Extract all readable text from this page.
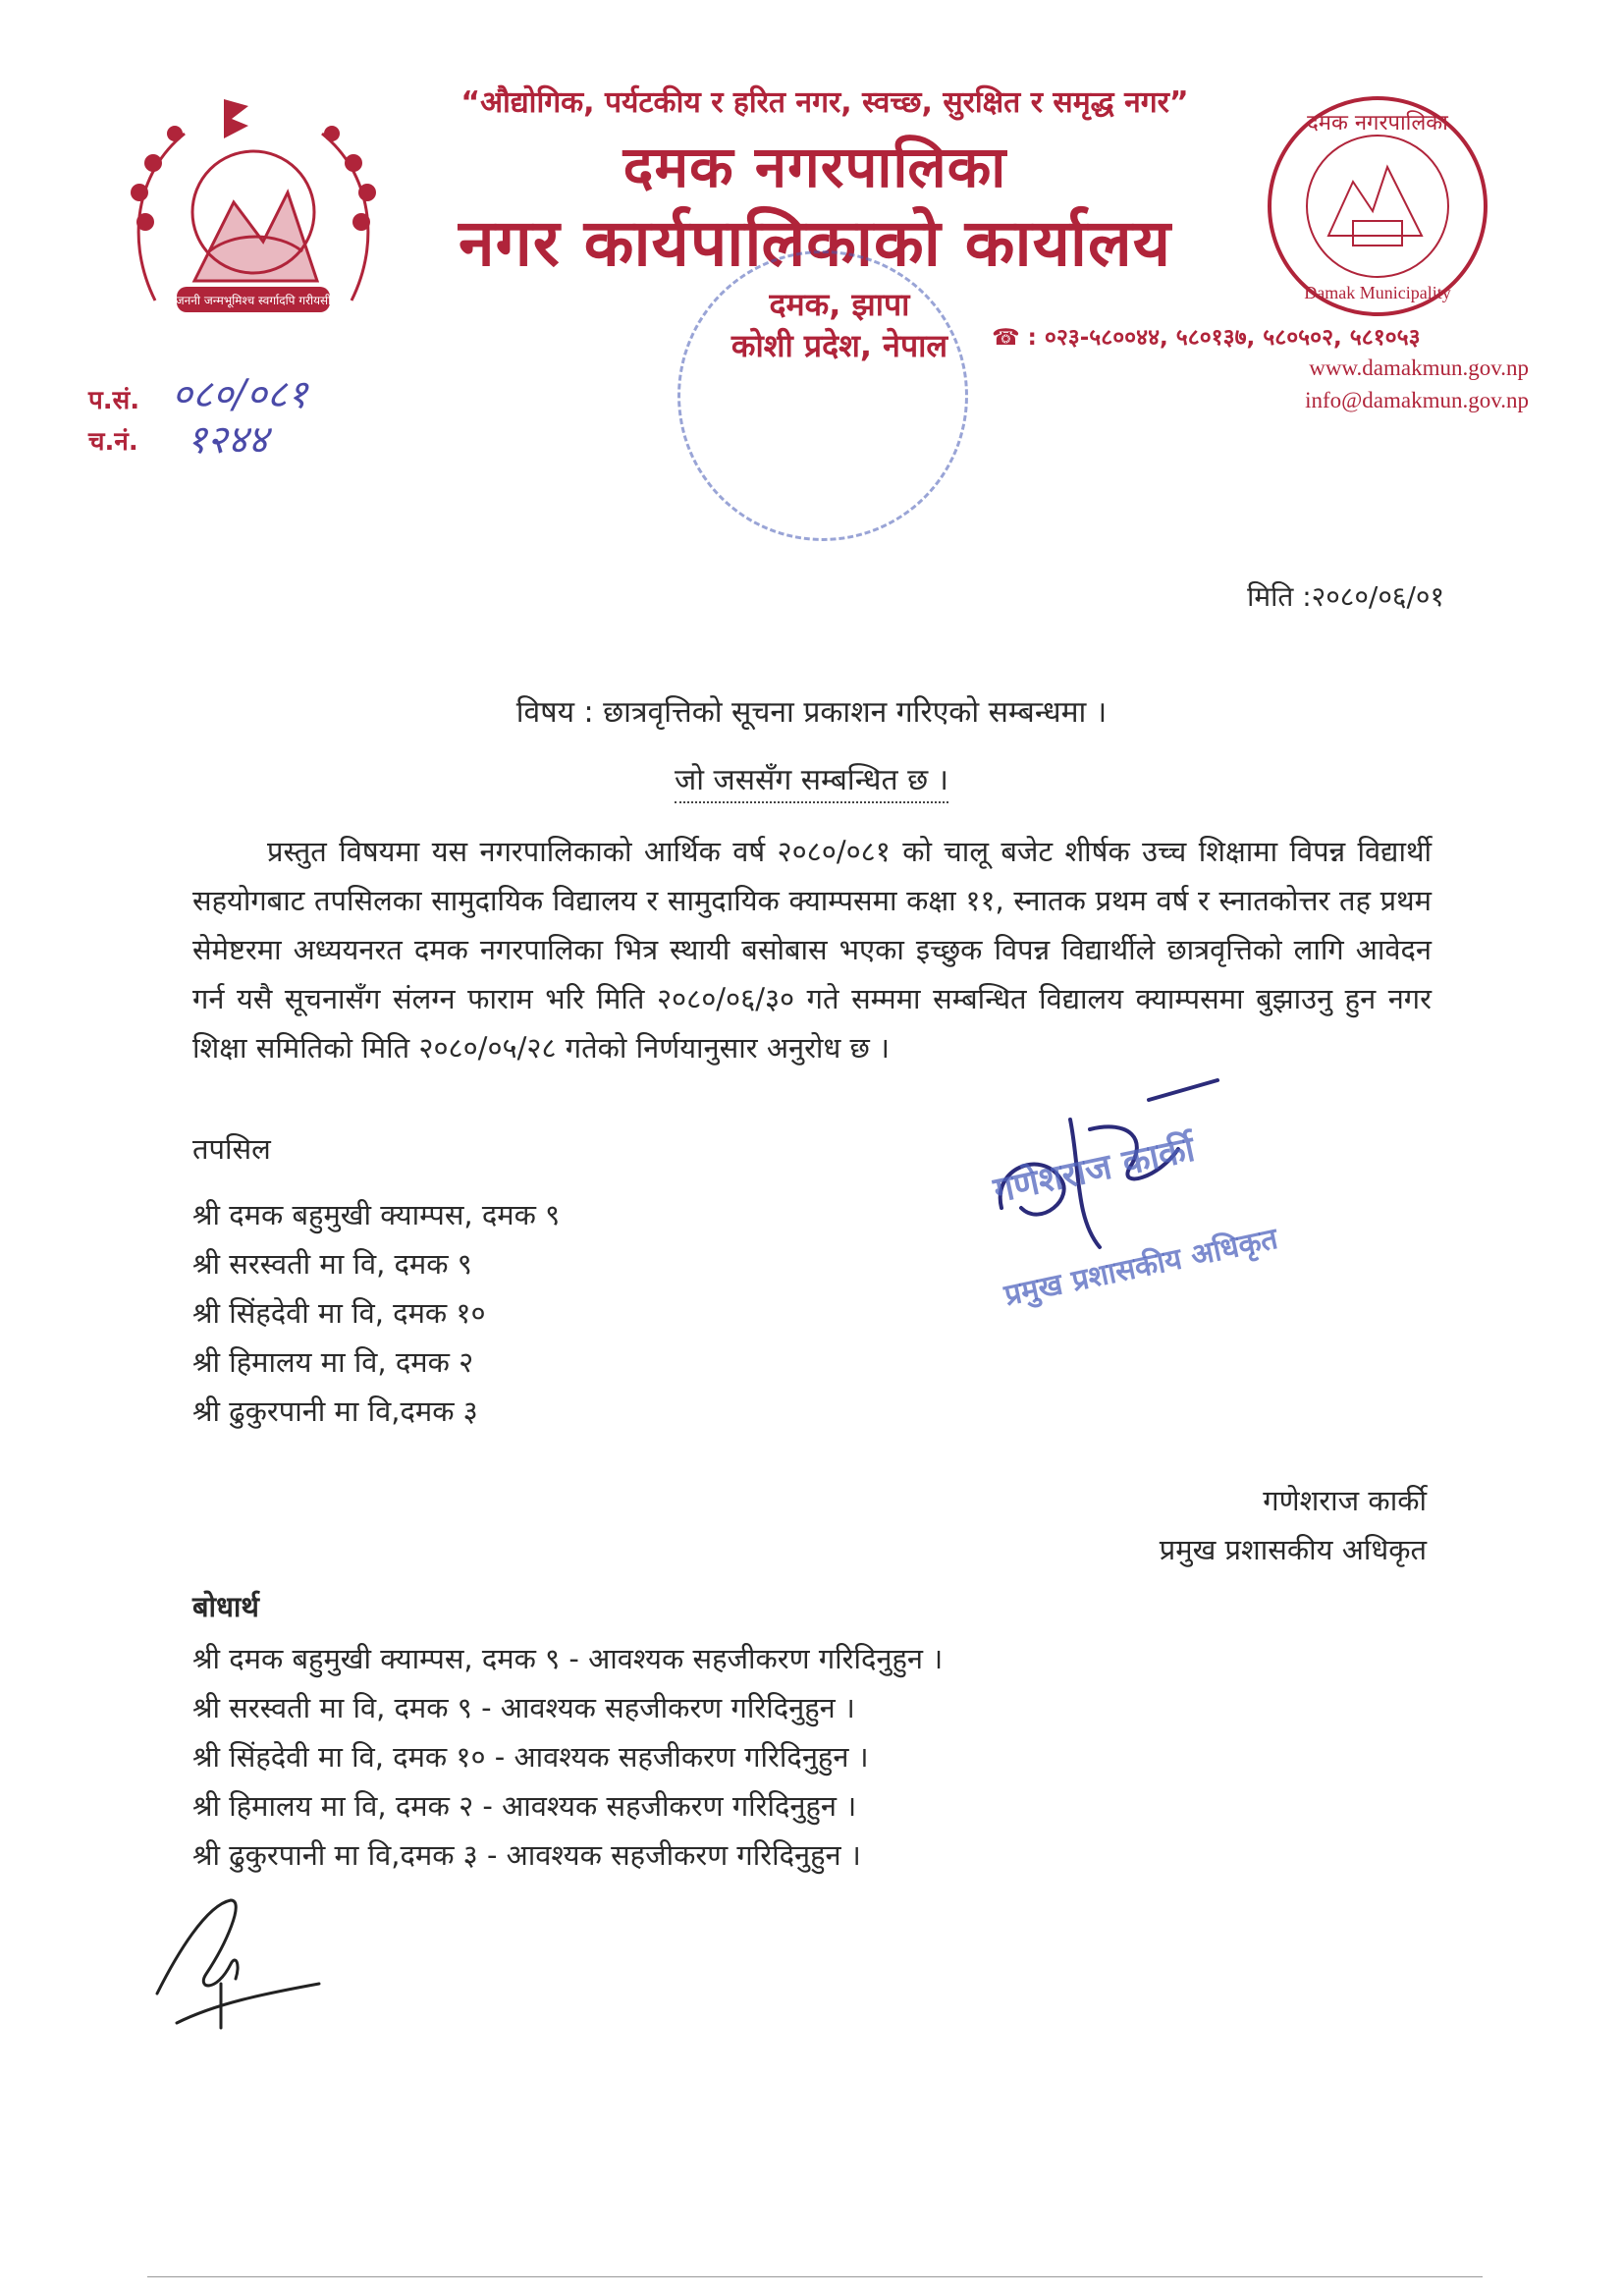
जननी जन्मभूमिश्च स्वर्गादपि गरीयसी
“औद्योगिक, पर्यटकीय र हरित नगर, स्वच्छ, सुरक्षित र समृद्ध नगर”
दमक नगरपालिका
नगर कार्यपालिकाको कार्यालय
दमक, झापा
कोशी प्रदेश, नेपाल
दमक नगरपालिका
Damak Municipality
☎ : ०२३-५८००४४, ५८०१३७, ५८०५०२, ५८१०५३
www.damakmun.gov.np
info@damakmun.gov.np
प.सं. ०८०/०८१
च.नं. १२४४
मिति :२०८०/०६/०१
विषय : छात्रवृत्तिको सूचना प्रकाशन गरिएको सम्बन्धमा ।
जो जससँग सम्बन्धित छ ।
प्रस्तुत विषयमा यस नगरपालिकाको आर्थिक वर्ष २०८०/०८१ को चालू बजेट शीर्षक उच्च शिक्षामा विपन्न विद्यार्थी सहयोगबाट तपसिलका सामुदायिक विद्यालय र सामुदायिक क्याम्पसमा कक्षा ११, स्नातक प्रथम वर्ष र स्नातकोत्तर तह प्रथम सेमेष्टरमा अध्ययनरत दमक नगरपालिका भित्र स्थायी बसोबास भएका इच्छुक विपन्न विद्यार्थीले छात्रवृत्तिको लागि आवेदन गर्न यसै सूचनासँग संलग्न फाराम भरि मिति २०८०/०६/३० गते सम्ममा सम्बन्धित विद्यालय क्याम्पसमा बुझाउनु हुन नगर शिक्षा समितिको मिति २०८०/०५/२८ गतेको निर्णयानुसार अनुरोध छ ।
तपसिल
श्री दमक बहुमुखी क्याम्पस, दमक ९
श्री सरस्वती मा वि, दमक ९
श्री सिंहदेवी मा वि, दमक १०
श्री हिमालय मा वि, दमक २
श्री ढुकुरपानी मा वि,दमक ३
गणेशराज कार्की
प्रमुख प्रशासकीय अधिकृत
गणेशराज कार्की
प्रमुख प्रशासकीय अधिकृत
बोधार्थ
श्री दमक बहुमुखी क्याम्पस, दमक ९ - आवश्यक सहजीकरण गरिदिनुहुन ।
श्री सरस्वती मा वि, दमक ९ - आवश्यक सहजीकरण गरिदिनुहुन ।
श्री सिंहदेवी मा वि, दमक १० - आवश्यक सहजीकरण गरिदिनुहुन ।
श्री हिमालय मा वि, दमक २ - आवश्यक सहजीकरण गरिदिनुहुन ।
श्री ढुकुरपानी मा वि,दमक ३ - आवश्यक सहजीकरण गरिदिनुहुन ।
